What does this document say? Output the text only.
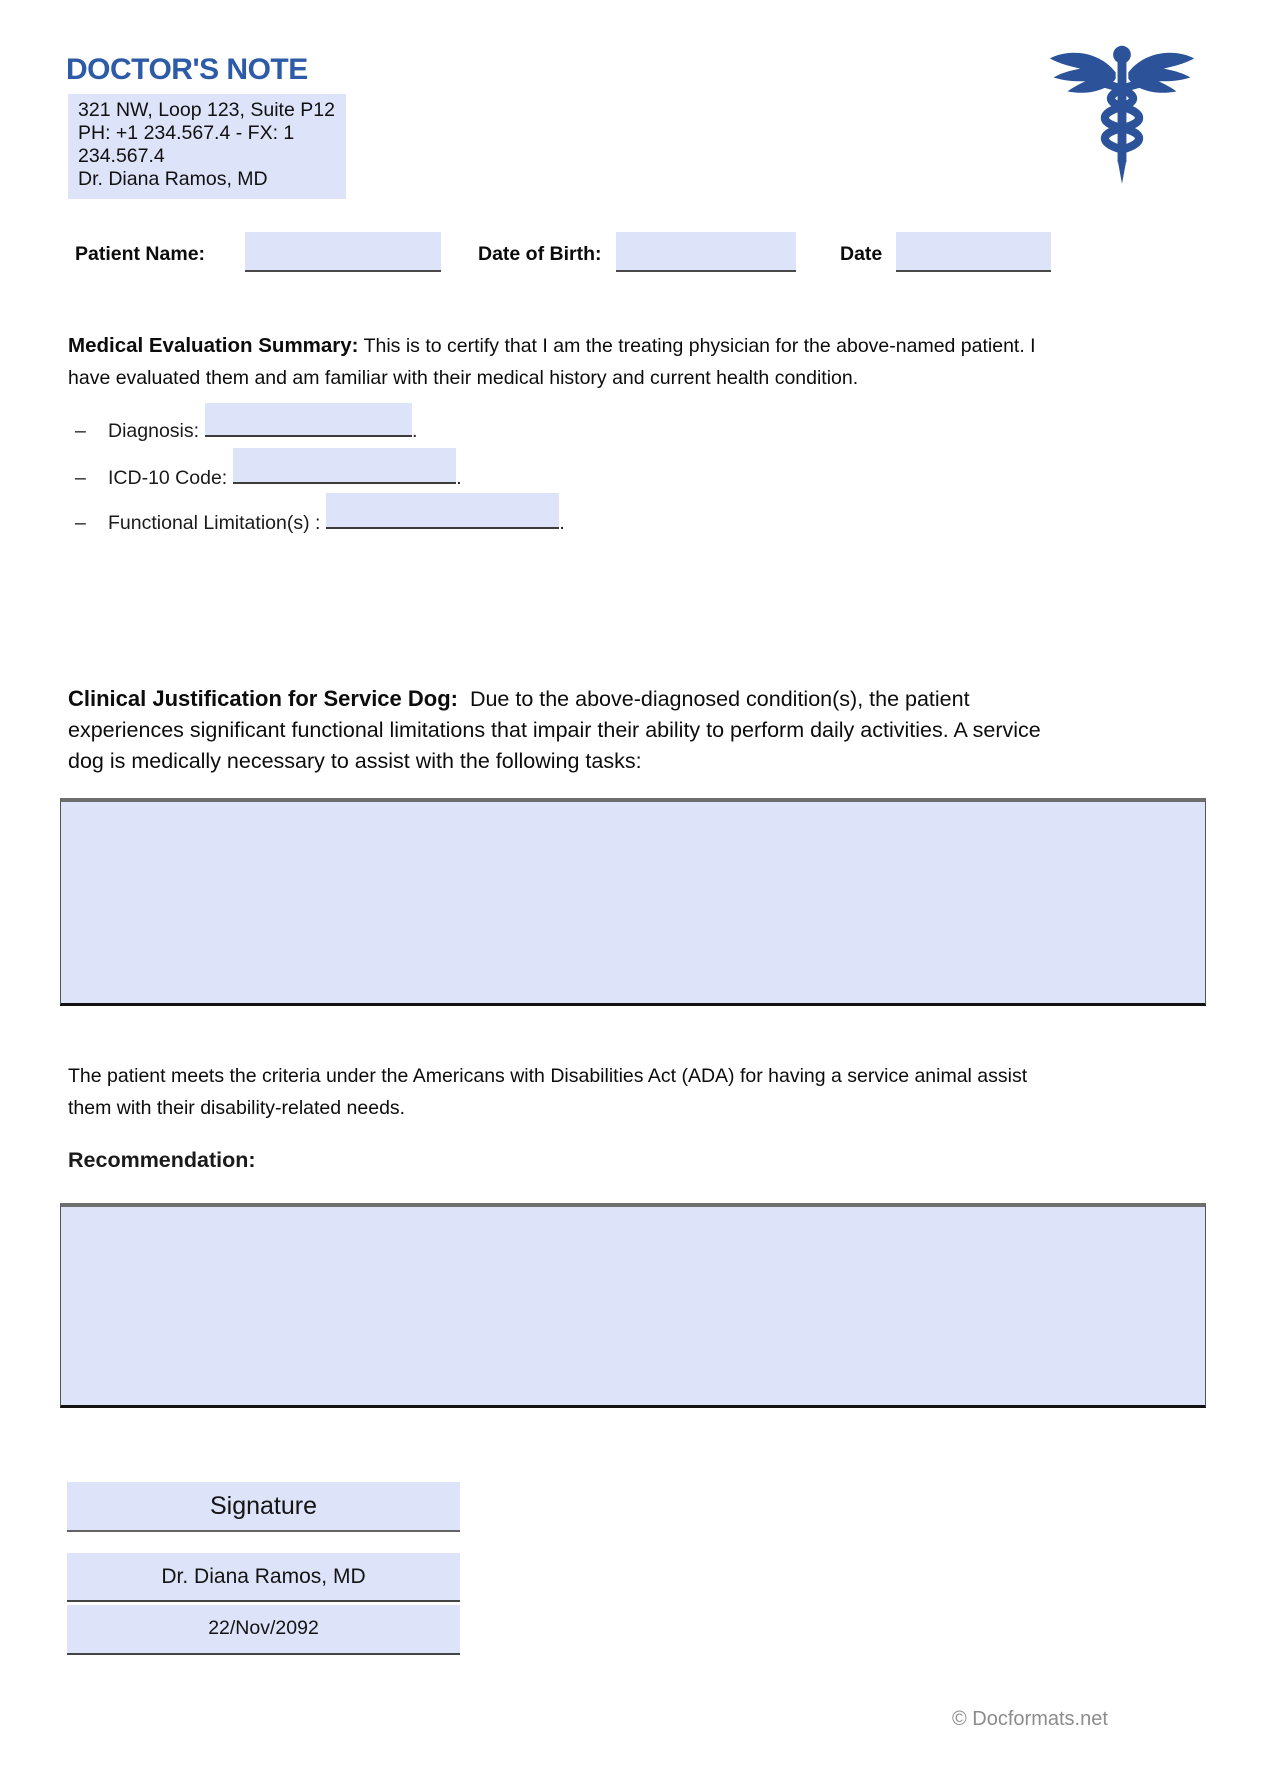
DOCTOR'S NOTE
321 NW, Loop 123, Suite P12
PH: +1 234.567.4 - FX: 1 234.567.4
Dr. Diana Ramos, MD
Patient Name:	Date of Birth:	Date
Medical Evaluation Summary: This is to certify that I am the treating physician for the above-named patient. I have evaluated them and am familiar with their medical history and current health condition.
– Diagnosis:	.
– ICD-10 Code:	.
– Functional Limitation(s) :	.
Clinical Justification for Service Dog: Due to the above-diagnosed condition(s), the patient experiences significant functional limitations that impair their ability to perform daily activities. A service dog is medically necessary to assist with the following tasks:
The patient meets the criteria under the Americans with Disabilities Act (ADA) for having a service animal assist them with their disability-related needs.
Recommendation:
Signature
Dr. Diana Ramos, MD
22/Nov/2092
© Docformats.net
